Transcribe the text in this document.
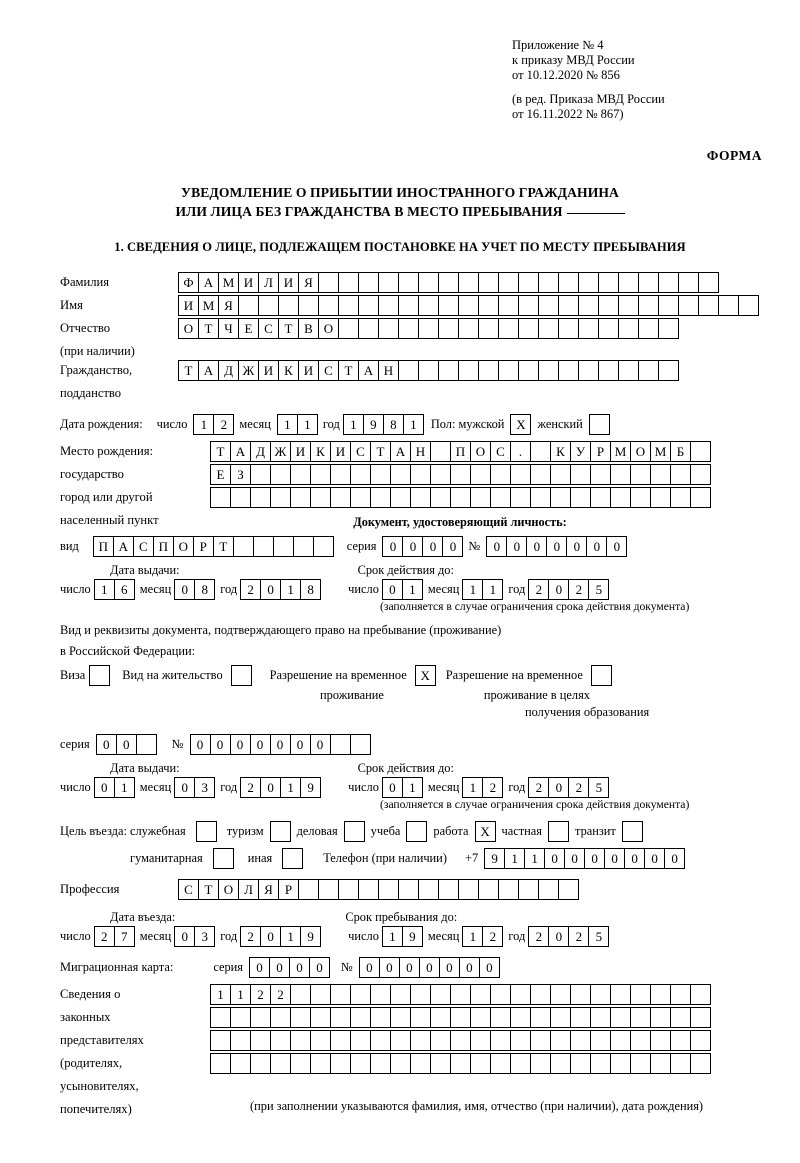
Приложение № 4
к приказу МВД России
от 10.12.2020 № 856
(в ред. Приказа МВД России
от 16.11.2022 № 867)
ФОРМА
УВЕДОМЛЕНИЕ О ПРИБЫТИИ ИНОСТРАННОГО ГРАЖДАНИНА
ИЛИ ЛИЦА БЕЗ ГРАЖДАНСТВА В МЕСТО ПРЕБЫВАНИЯ
1. СВЕДЕНИЯ О ЛИЦЕ, ПОДЛЕЖАЩЕМ ПОСТАНОВКЕ НА УЧЕТ ПО МЕСТУ ПРЕБЫВАНИЯ
Фамилия	Ф А М И Л И Я
Имя	И М Я
Отчество	О Т Ч Е С Т В О
(при наличии)
Гражданство,	Т А Д Ж И К И С Т А Н
подданство
Дата рождения: число	1	2 месяц	1	1 год 1	9	8	1	Пол: мужской X женский
Место рождения:	Т А Д Ж И К И С Т А Н	П О С	.	К У Р М О М Б
государство	Е З
город или другой
населенный пункт	Документ, удостоверяющий личность:
вид	П А С П О Р Т	серия	0	0	0	0 №	0	0	0	0	0	0	0
Дата выдачи:	Срок действия до:
число 1	6 месяц 0	8 год 2	0	1	8	число 0	1 месяц 1	1 год 2	0	2	5
(заполняется в случае ограничения срока действия документа)
Вид и реквизиты документа, подтверждающего право на пребывание (проживание)
в Российской Федерации:
Виза	Вид на жительство	Разрешение на временное	X	Разрешение на временное
проживание	проживание в целях
получения образования
серия	0	0	№	0	0	0	0	0	0	0
Дата выдачи:	Срок действия до:
число 0	1 месяц 0	3 год 2	0	1	9	число 0	1 месяц 1	2 год 2	0	2	5
(заполняется в случае ограничения срока действия документа)
Цель въезда: служебная	туризм	деловая	учеба	работа X частная	транзит
гуманитарная	иная	Телефон (при наличии) +7	9	1	1	0	0	0	0	0	0	0
Профессия	С Т О Л Я Р
Дата въезда:	Срок пребывания до:
число 2	7 месяц 0	3 год 2	0	1	9	число 1	9 месяц 1	2 год 2	0	2	5
Миграционная карта:	серия	0	0	0	0	№	0	0	0	0	0	0	0
Сведения о	1	1	2	2
законных
представителях
(родителях,
усыновителях,
попечителях)	(при заполнении указываются фамилия, имя, отчество (при наличии), дата рождения)
